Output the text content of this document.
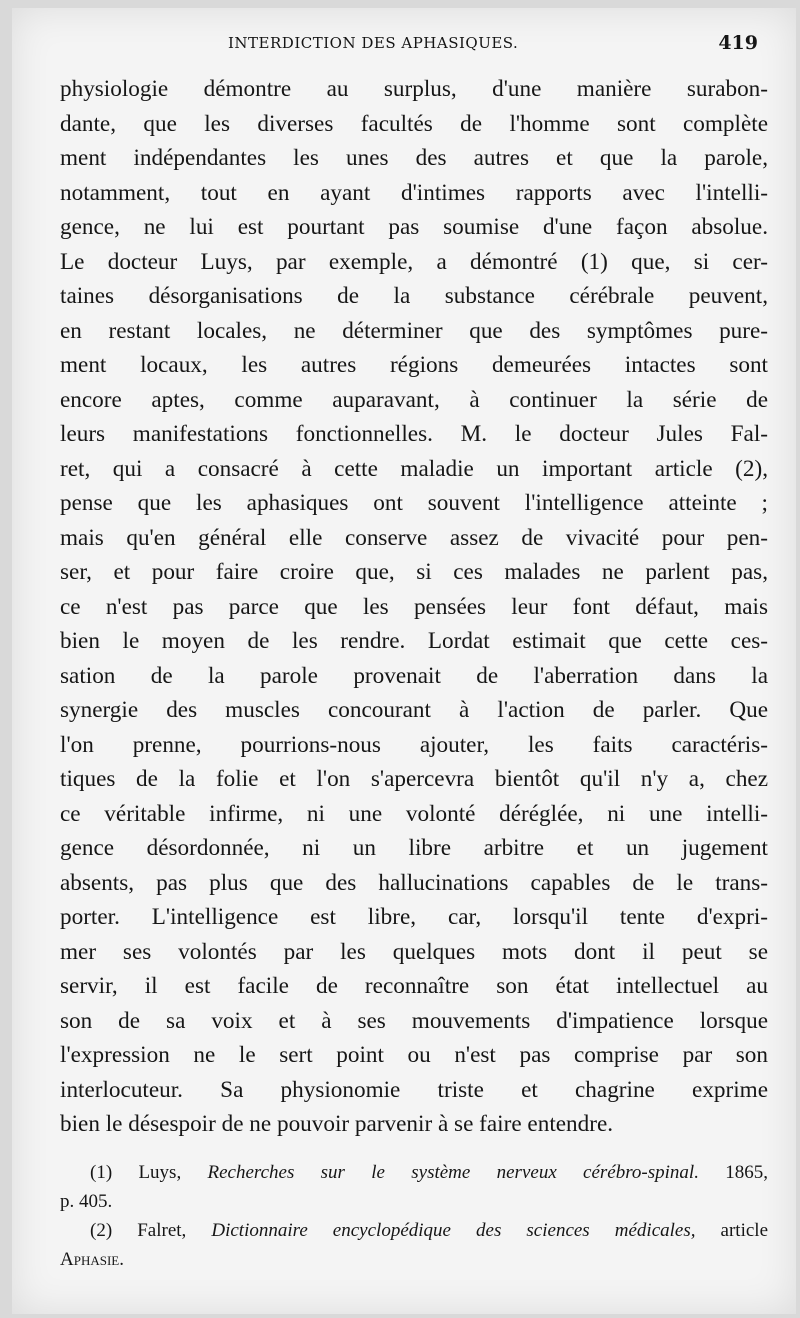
INTERDICTION DES APHASIQUES.	419
physiologie démontre au surplus, d'une manière surabon-
dante, que les diverses facultés de l'homme sont complète
ment indépendantes les unes des autres et que la parole,
notamment, tout en ayant d'intimes rapports avec l'intelli-
gence, ne lui est pourtant pas soumise d'une façon absolue.
Le docteur Luys, par exemple, a démontré (1) que, si cer-
taines désorganisations de la substance cérébrale peuvent,
en restant locales, ne déterminer que des symptômes pure-
ment locaux, les autres régions demeurées intactes sont
encore aptes, comme auparavant, à continuer la série de
leurs manifestations fonctionnelles. M. le docteur Jules Fal-
ret, qui a consacré à cette maladie un important article (2),
pense que les aphasiques ont souvent l'intelligence atteinte ;
mais qu'en général elle conserve assez de vivacité pour pen-
ser, et pour faire croire que, si ces malades ne parlent pas,
ce n'est pas parce que les pensées leur font défaut, mais
bien le moyen de les rendre. Lordat estimait que cette ces-
sation de la parole provenait de l'aberration dans la
synergie des muscles concourant à l'action de parler. Que
l'on prenne, pourrions-nous ajouter, les faits caractéris-
tiques de la folie et l'on s'apercevra bientôt qu'il n'y a, chez
ce véritable infirme, ni une volonté déréglée, ni une intelli-
gence désordonnée, ni un libre arbitre et un jugement
absents, pas plus que des hallucinations capables de le trans-
porter. L'intelligence est libre, car, lorsqu'il tente d'expri-
mer ses volontés par les quelques mots dont il peut se
servir, il est facile de reconnaître son état intellectuel au
son de sa voix et à ses mouvements d'impatience lorsque
l'expression ne le sert point ou n'est pas comprise par son
interlocuteur. Sa physionomie triste et chagrine exprime
bien le désespoir de ne pouvoir parvenir à se faire entendre.
(1) Luys, Recherches sur le système nerveux cérébro-spinal. 1865,
p. 405.
(2) Falret, Dictionnaire encyclopédique des sciences médicales, article
Aphasie.
